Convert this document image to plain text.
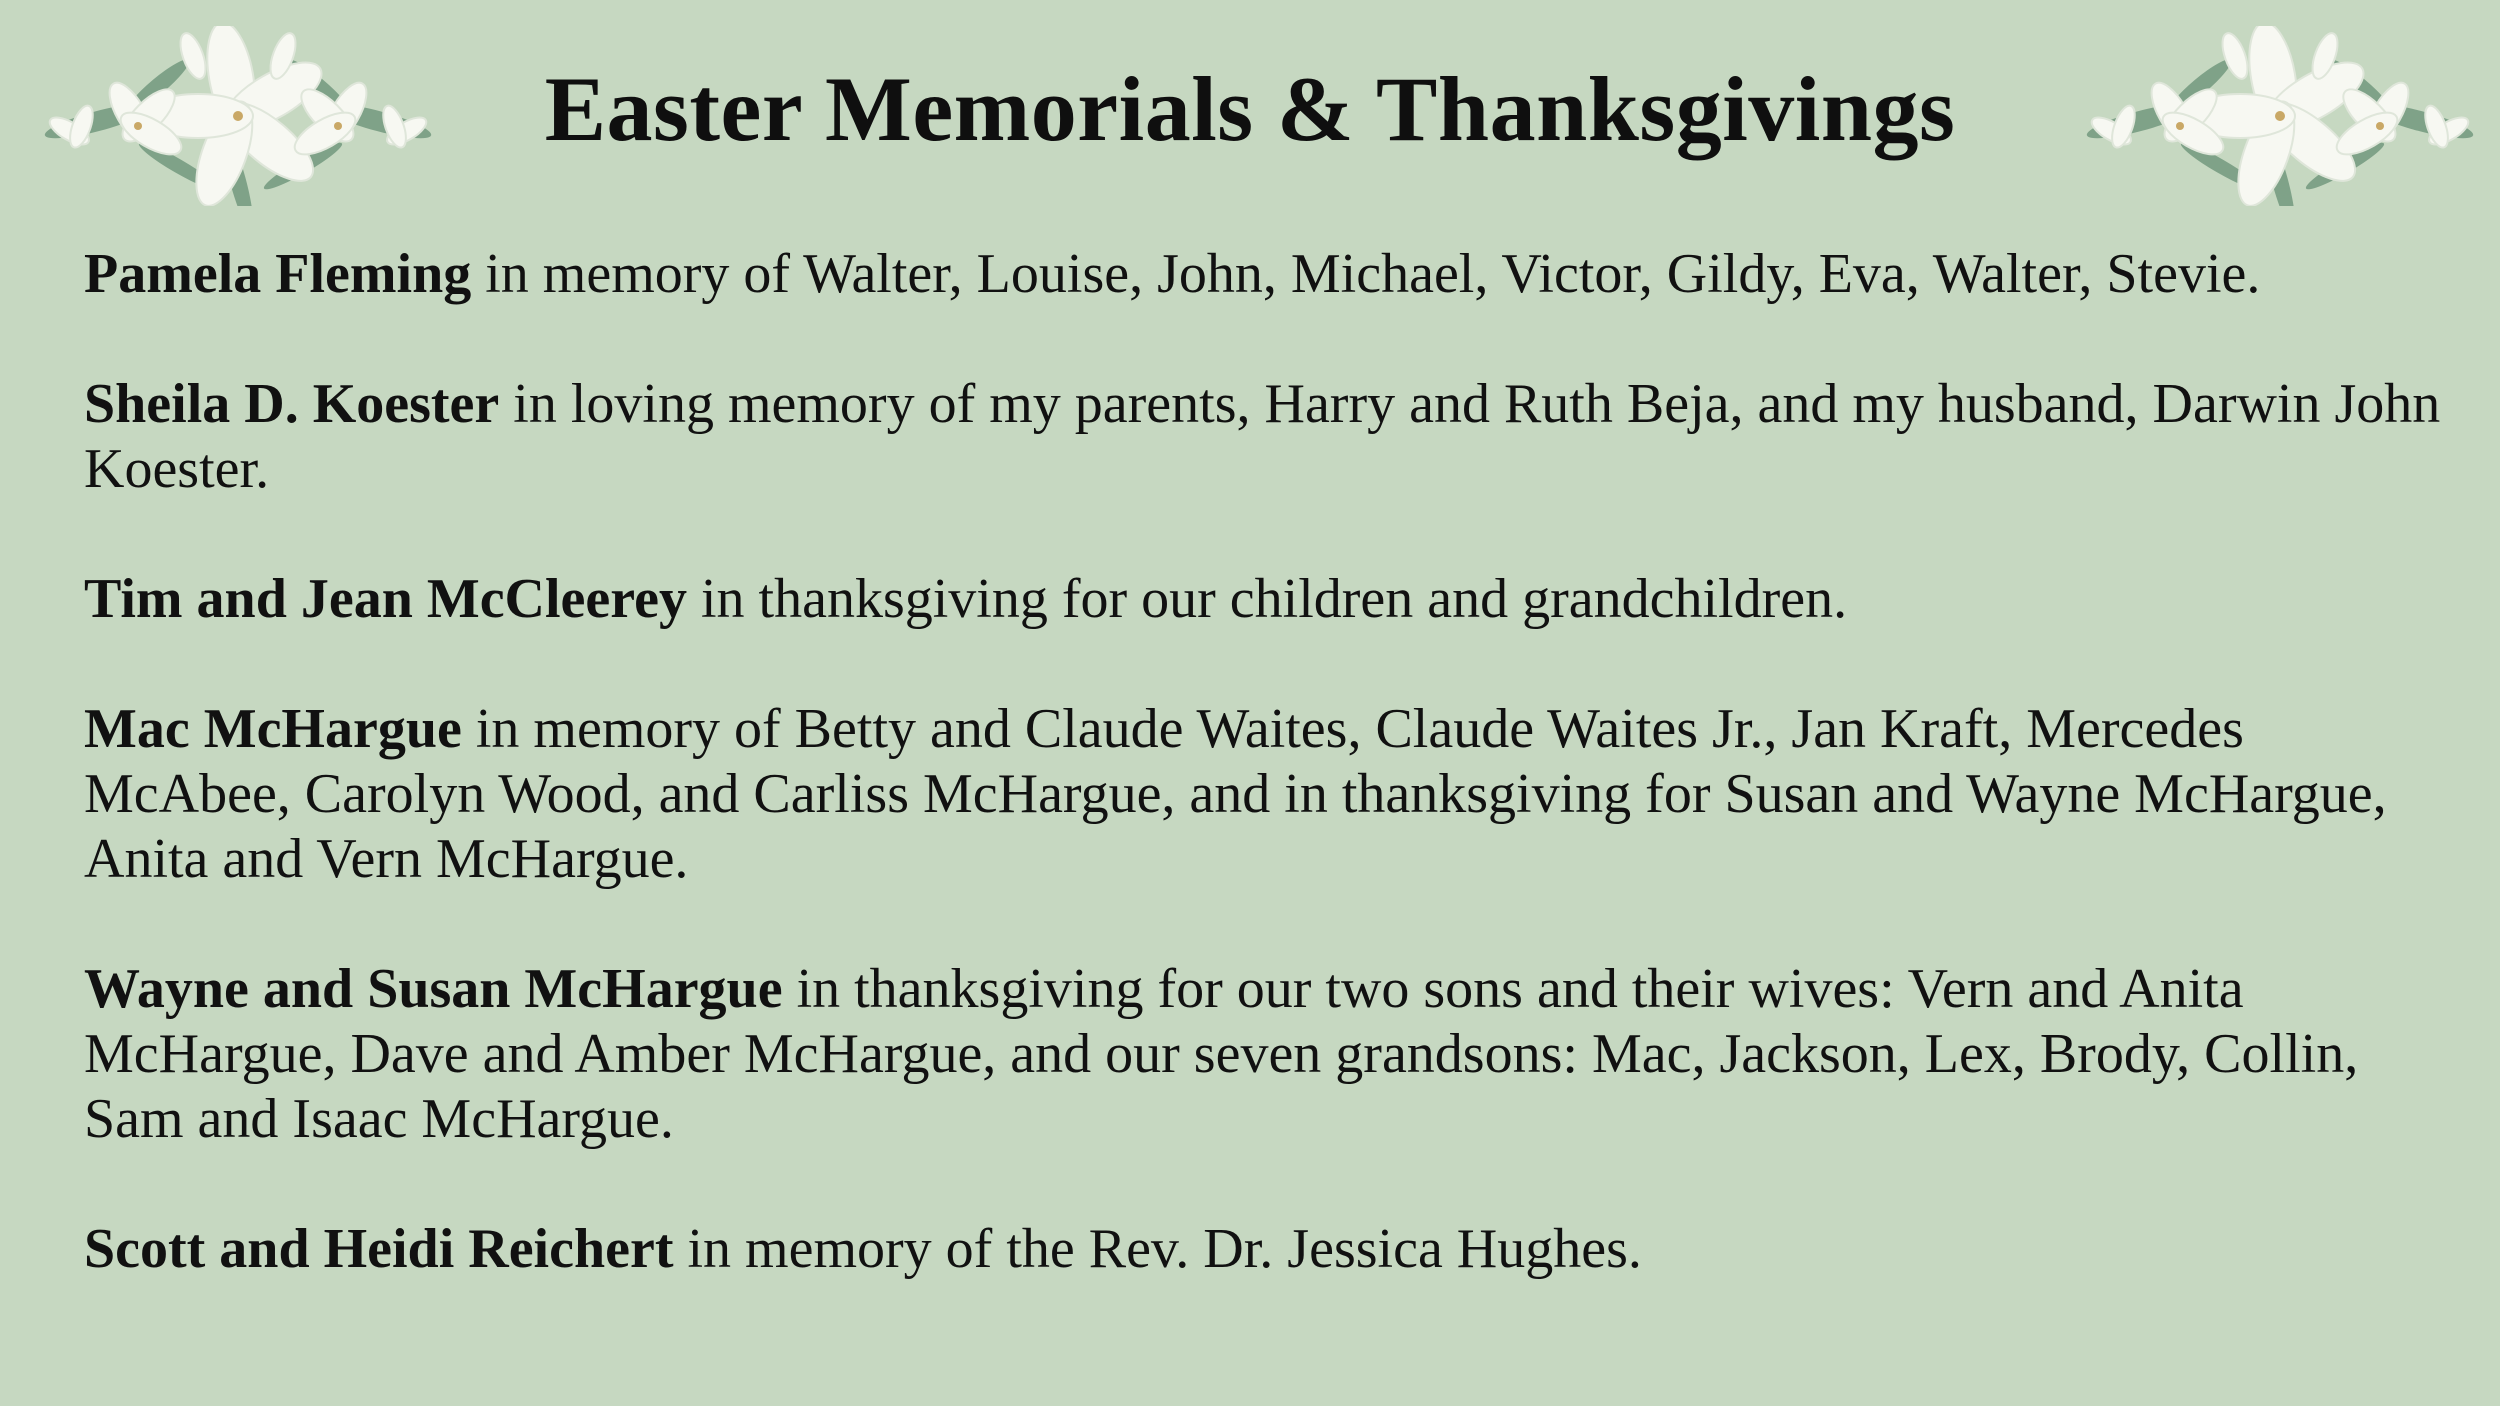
Easter Memorials & Thanksgivings

Pamela Fleming in memory of Walter, Louise, John, Michael, Victor, Gildy, Eva, Walter, Stevie.

Sheila D. Koester in loving memory of my parents, Harry and Ruth Beja, and my husband, Darwin John Koester.

Tim and Jean McCleerey in thanksgiving for our children and grandchildren.

Mac McHargue in memory of Betty and Claude Waites, Claude Waites Jr., Jan Kraft, Mercedes McAbee, Carolyn Wood, and Carliss McHargue, and in thanksgiving for Susan and Wayne McHargue, Anita and Vern McHargue.

Wayne and Susan McHargue in thanksgiving for our two sons and their wives: Vern and Anita McHargue, Dave and Amber McHargue, and our seven grandsons: Mac, Jackson, Lex, Brody, Collin, Sam and Isaac McHargue.

Scott and Heidi Reichert in memory of the Rev. Dr. Jessica Hughes.
